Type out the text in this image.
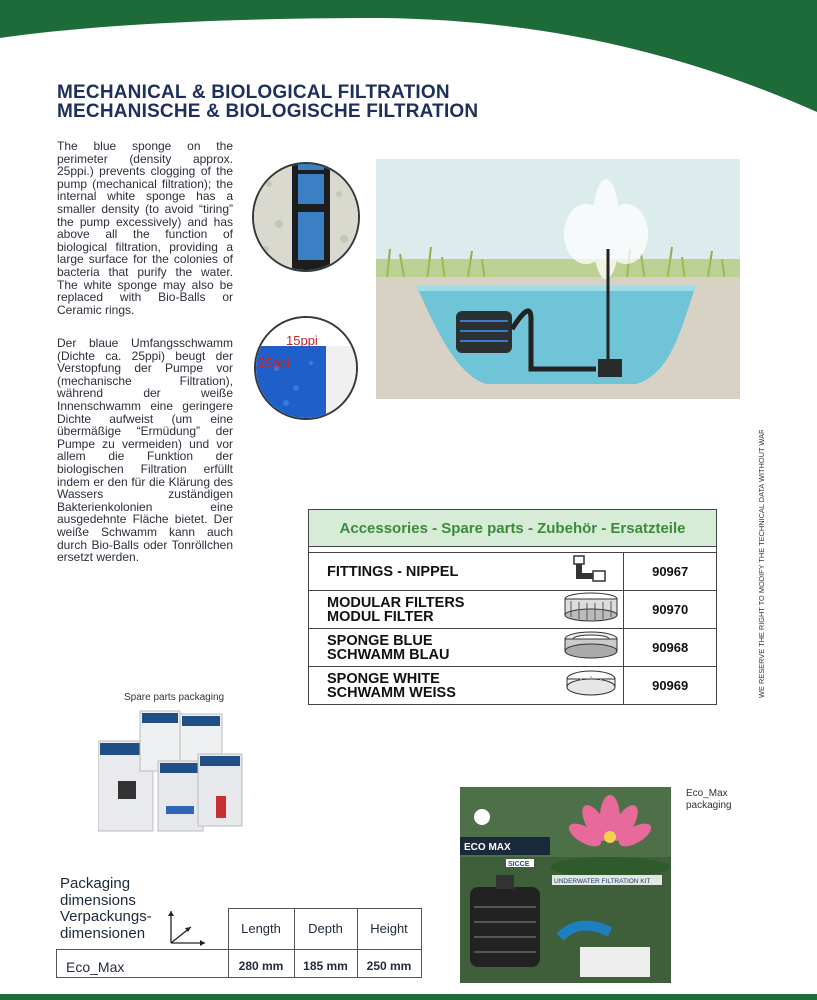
MECHANICAL & BIOLOGICAL FILTRATION
MECHANISCHE & BIOLOGISCHE FILTRATION

The blue sponge on the perimeter (density approx. 25ppi.) prevents clogging of the pump (mechanical filtration); the internal white sponge has a smaller density (to avoid “tiring” the pump excessively) and has above all the function of biological filtration, providing a large surface for the colonies of bacteria that purify the water. The white sponge may also be replaced with Bio-Balls or Ceramic rings.

Der blaue Umfangsschwamm (Dichte ca. 25ppi) beugt der Verstopfung der Pumpe vor (mechanische Filtration), während der weiße Innenschwamm eine geringere Dichte aufweist (um eine übermäßige “Ermüdung” der Pumpe zu vermeiden) und vor allem die Funktion der biologischen Filtration erfüllt indem er den für die Klärung des Wassers zuständigen Bakterienkolonien eine ausgedehnte Fläche bietet. Der weiße Schwamm kann auch durch Bio-Balls oder Tonröllchen ersetzt werden.

15ppi
25ppi
Accessories - Spare parts - Zubehör - Ersatzteile		

FITTINGS - NIPPEL		90967
MODULAR FILTERS
MODUL FILTER		90970
SPONGE BLUE
SCHWAMM BLAU		90968
SPONGE WHITE
SCHWAMM WEISS		90969	WE RESERVE THE RIGHT TO MODIFY THE TECHNICAL DATA WITHOUT WARNING
Spare parts packaging
Eco_Max
packaging
ECO MAX
SICCE
UNDERWATER FILTRATION KIT
Packaging
dimensions
Verpackungs-
dimensionen	Length	Depth	Height
Eco_Max	280 mm	185 mm	250 mm
